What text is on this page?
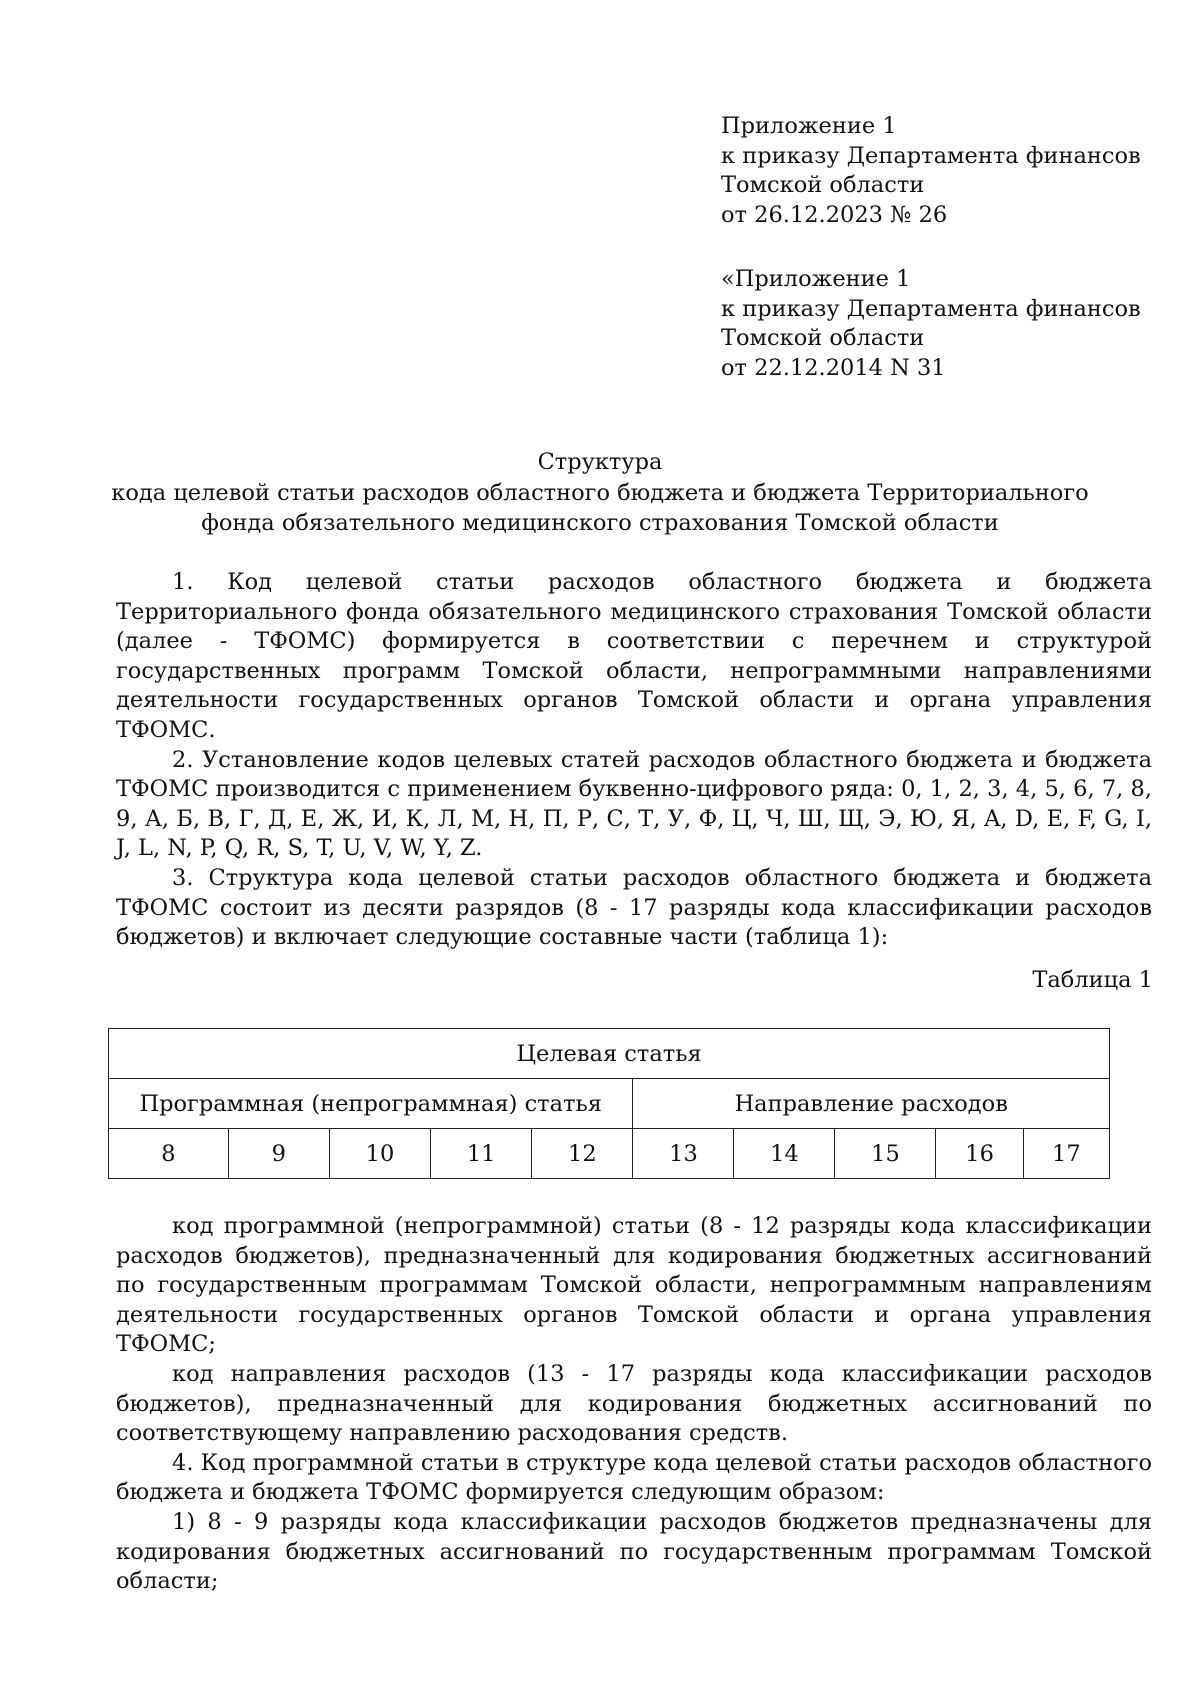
Приложение 1
к приказу Департамента финансов
Томской области
от 26.12.2023 № 26
«Приложение 1
к приказу Департамента финансов
Томской области
от 22.12.2014 N 31
Структура
кода целевой статьи расходов областного бюджета и бюджета Территориального
фонда обязательного медицинского страхования Томской области

1. Код целевой статьи расходов областного бюджета и бюджета Территориального фонда обязательного медицинского страхования Томской области (далее - ТФОМС) формируется в соответствии с перечнем и структурой государственных программ Томской области, непрограммными направлениями деятельности государственных органов Томской области и органа управления ТФОМС.

2. Установление кодов целевых статей расходов областного бюджета и бюджета ТФОМС производится с применением буквенно-цифрового ряда: 0, 1, 2, 3, 4, 5, 6, 7, 8, 9, А, Б, В, Г, Д, Е, Ж, И, К, Л, М, Н, П, Р, С, Т, У, Ф, Ц, Ч, Ш, Щ, Э, Ю, Я, A, D, E, F, G, I, J, L, N, P, Q, R, S, T, U, V, W, Y, Z.

3. Структура кода целевой статьи расходов областного бюджета и бюджета ТФОМС состоит из десяти разрядов (8 - 17 разряды кода классификации расходов бюджетов) и включает следующие составные части (таблица 1):

Таблица 1
Целевая статья									
Программная (непрограммная) статья					Направление расходов				
8	9	10	11	12	13	14	15	16	17

код программной (непрограммной) статьи (8 - 12 разряды кода классификации расходов бюджетов), предназначенный для кодирования бюджетных ассигнований по государственным программам Томской области, непрограммным направлениям деятельности государственных органов Томской области и органа управления ТФОМС;

код направления расходов (13 - 17 разряды кода классификации расходов бюджетов), предназначенный для кодирования бюджетных ассигнований по соответствующему направлению расходования средств.

4. Код программной статьи в структуре кода целевой статьи расходов областного бюджета и бюджета ТФОМС формируется следующим образом:

1) 8 - 9 разряды кода классификации расходов бюджетов предназначены для кодирования бюджетных ассигнований по государственным программам Томской области;
